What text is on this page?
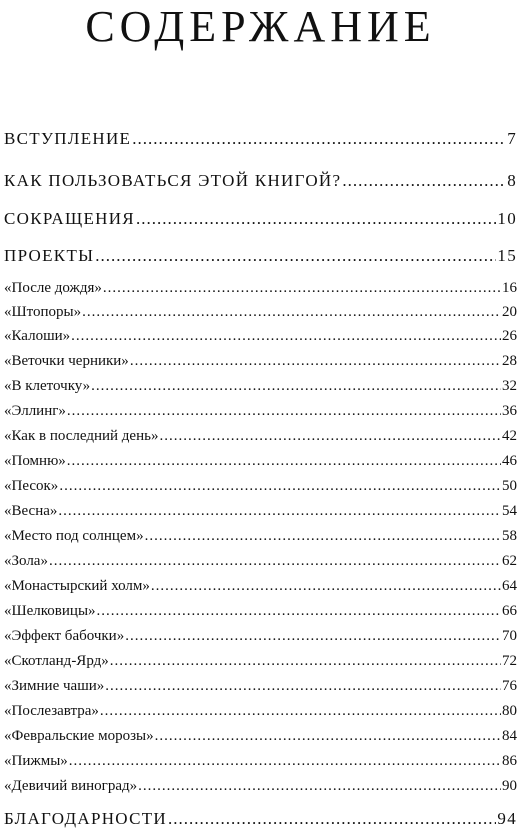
СОДЕРЖАНИЕ
ВСТУПЛЕНИЕ .....	7
КАК ПОЛЬЗОВАТЬСЯ ЭТОЙ КНИГОЙ? .....	8
СОКРАЩЕНИЯ .....	10
ПРОЕКТЫ .....	15
«После дождя» .....	16
«Штопоры» .....	20
«Калоши» .....	26
«Веточки черники» .....	28
«В клеточку» .....	32
«Эллинг» .....	36
«Как в последний день» .....	42
«Помню» .....	46
«Песок» .....	50
«Весна» .....	54
«Место под солнцем» .....	58
«Зола» .....	62
«Монастырский холм» .....	64
«Шелковицы» .....	66
«Эффект бабочки» .....	70
«Скотланд-Ярд» .....	72
«Зимние чаши» .....	76
«Послезавтра» .....	80
«Февральские морозы» .....	84
«Пижмы» .....	86
«Девичий виноград» .....	90
БЛАГОДАРНОСТИ .....	94
